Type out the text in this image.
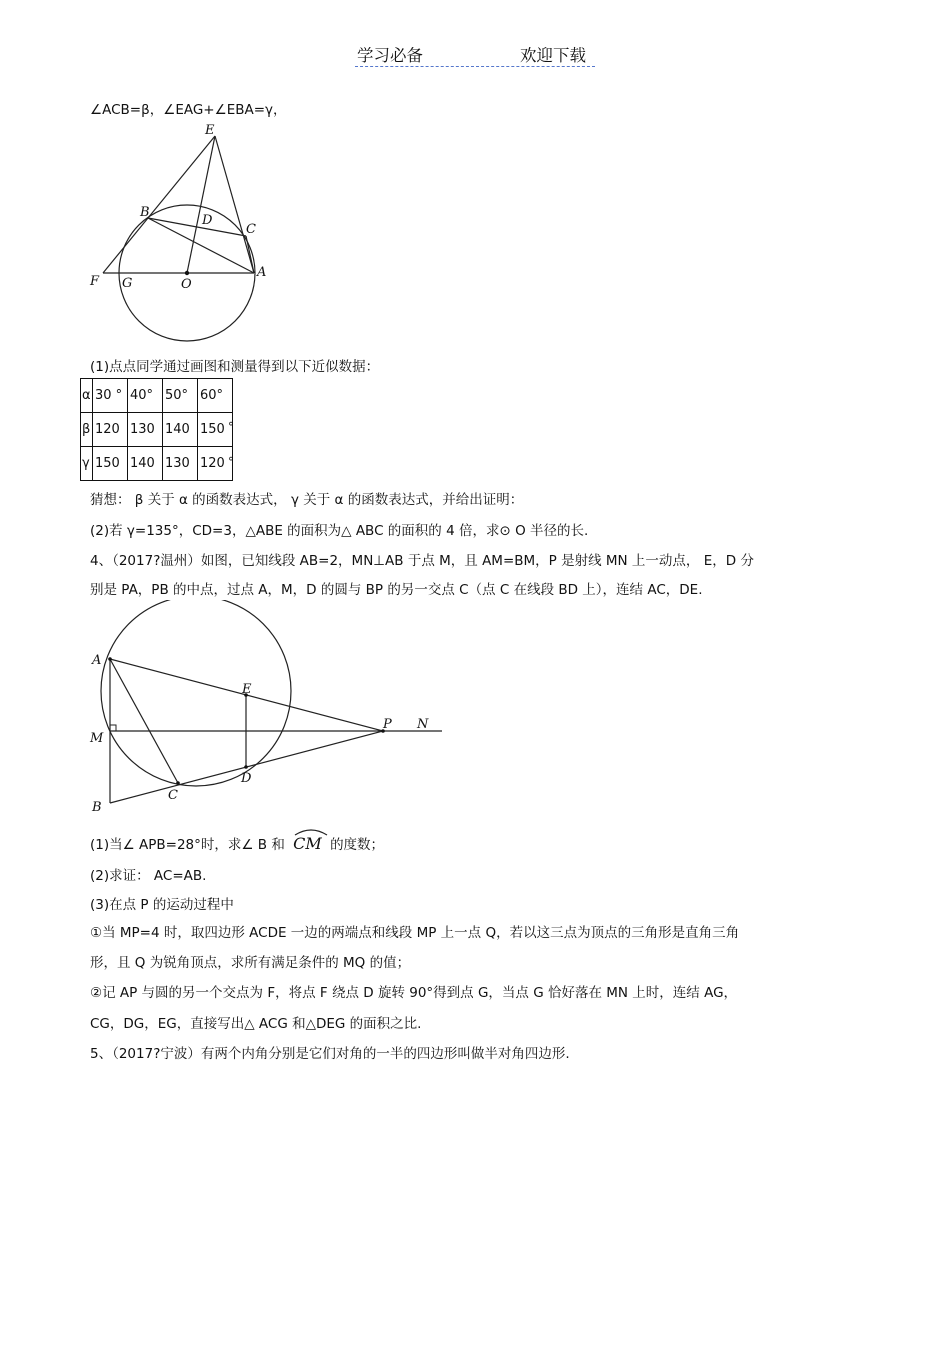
学习必备	欢迎下载
∠ACB=β，∠EAG+∠EBA=γ，
E
B
D
C
F G	O
A
(1)点点同学通过画图和测量得到以下近似数据：
α	30 °	40°	50°	60°
β	120	130	140	150
γ	150	140	130	120
°
°
猜想： β 关于 α 的函数表达式， γ 关于 α 的函数表达式，并给出证明：
(2)若 γ=135°，CD=3，△ABE 的面积为△ ABC 的面积的 4 倍，求⊙ O 半径的长.
4、（2017?温州）如图，已知线段 AB=2，MN⊥AB 于点 M，且 AM=BM，P 是射线 MN 上一动点， E，D 分
别是 PA，PB 的中点，过点 A，M，D 的圆与 BP 的另一交点 C（点 C 在线段 BD 上），连结 AC，DE.
A
E
M
P N
D
C
B
(1)当∠ APB=28°时，求∠ B 和 CM 的度数；
(2)求证： AC=AB.
(3)在点 P 的运动过程中
①当 MP=4 时，取四边形 ACDE 一边的两端点和线段 MP 上一点 Q，若以这三点为顶点的三角形是直角三角
形，且 Q 为锐角顶点，求所有满足条件的 MQ 的值；
②记 AP 与圆的另一个交点为 F，将点 F 绕点 D 旋转 90°得到点 G，当点 G 恰好落在 MN 上时，连结 AG，
CG，DG，EG，直接写出△ ACG 和△DEG 的面积之比.
5、（2017?宁波）有两个内角分别是它们对角的一半的四边形叫做半对角四边形.
